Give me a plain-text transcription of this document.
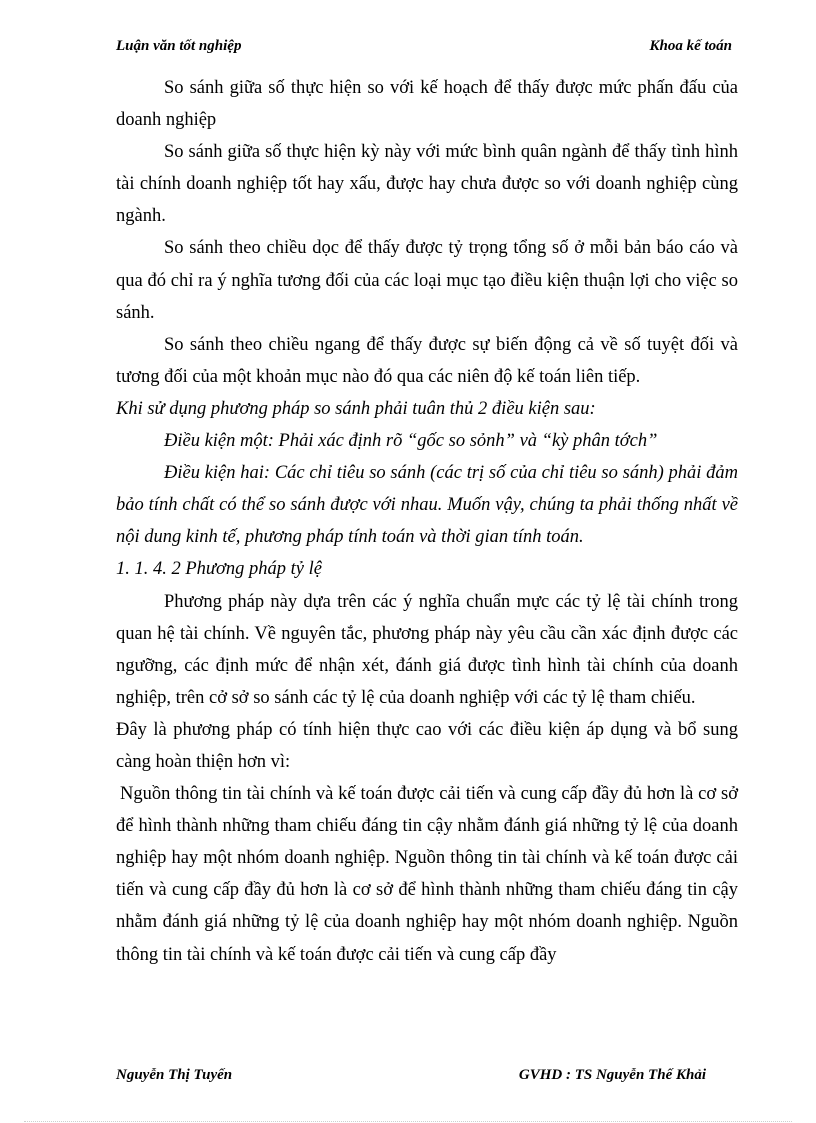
Luận văn tốt nghiệp	Khoa kế toán

So sánh giữa số thực hiện so với kế hoạch để thấy được mức phấn đấu của doanh nghiệp

So sánh giữa số thực hiện kỳ này với mức bình quân ngành để thấy tình hình tài chính doanh nghiệp tốt hay xấu, được hay chưa được so với doanh nghiệp cùng ngành.

So sánh theo chiều dọc để thấy được tỷ trọng tổng số ở mỗi bản báo cáo và qua đó chỉ ra ý nghĩa tương đối của các loại mục tạo điều kiện thuận lợi cho việc so sánh.

So sánh theo chiều ngang để thấy được sự biến động cả về số tuyệt đối và tương đối của một khoản mục nào đó qua các niên độ kế toán liên tiếp.

Khi sử dụng phương pháp so sánh phải tuân thủ 2 điều kiện sau:

Điều kiện một: Phải xác định rõ “gốc so sỏnh” và “kỳ phân tớch”

Điều kiện hai: Các chỉ tiêu so sánh (các trị số của chỉ tiêu so sánh) phải đảm bảo tính chất có thể so sánh được với nhau. Muốn vậy, chúng ta phải thống nhất về nội dung kinh tế, phương pháp tính toán và thời gian tính toán.

1. 1. 4. 2 Phương pháp tỷ lệ

Phương pháp này dựa trên các ý nghĩa chuẩn mực các tỷ lệ tài chính trong quan hệ tài chính. Về nguyên tắc, phương pháp này yêu cầu cần xác định được các ngưỡng, các định mức để nhận xét, đánh giá được tình hình tài chính của doanh nghiệp, trên cở sở so sánh các tỷ lệ của doanh nghiệp với các tỷ lệ tham chiếu.

Đây là phương pháp có tính hiện thực cao với các điều kiện áp dụng và bổ sung càng hoàn thiện hơn vì:

Nguồn thông tin tài chính và kế toán được cải tiến và cung cấp đầy đủ hơn là cơ sở để hình thành những tham chiếu đáng tin cậy nhằm đánh giá những tỷ lệ của doanh nghiệp hay một nhóm doanh nghiệp. Nguồn thông tin tài chính và kế toán được cải tiến và cung cấp đầy đủ hơn là cơ sở để hình thành những tham chiếu đáng tin cậy nhằm đánh giá những tỷ lệ của doanh nghiệp hay một nhóm doanh nghiệp. Nguồn thông tin tài chính và kế toán được cải tiến và cung cấp đầy

Nguyễn Thị Tuyến	GVHD : TS Nguyễn Thế Khải
